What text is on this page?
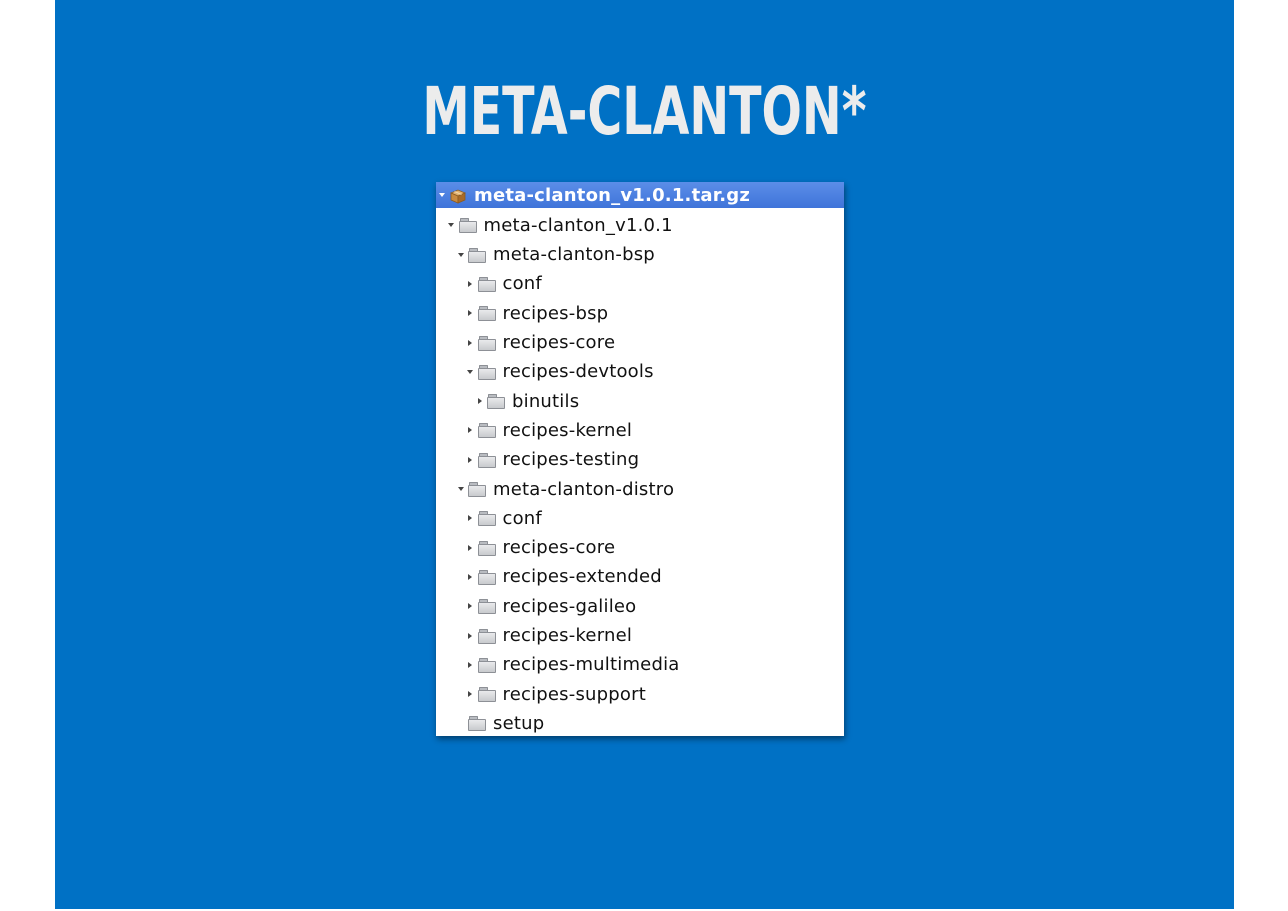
META-CLANTON*
meta-clanton_v1.0.1.tar.gz
meta-clanton_v1.0.1
meta-clanton-bsp
conf
recipes-bsp
recipes-core
recipes-devtools
binutils
recipes-kernel
recipes-testing
meta-clanton-distro
conf
recipes-core
recipes-extended
recipes-galileo
recipes-kernel
recipes-multimedia
recipes-support
setup
